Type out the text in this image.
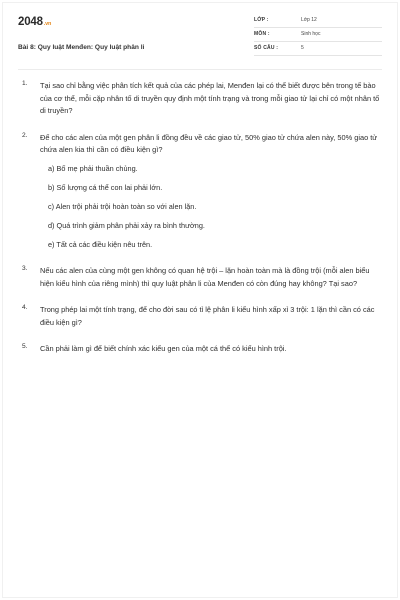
2048.vn
Bài 8: Quy luật Menđen: Quy luật phân li
LỚP :	Lớp 12
MÔN :	Sinh học
SỐ CÂU :	5
1. Tại sao chỉ bằng việc phân tích kết quả của các phép lai, Menđen lại có thể biết được bên trong tế bào của cơ thể, mỗi cặp nhân tố di truyền quy định một tính trạng và trong mỗi giao tử lại chỉ có một nhân tố di truyền?
2. Để cho các alen của một gen phân li đồng đều về các giao tử, 50% giao tử chứa alen này, 50% giao tử chứa alen kia thì cần có điều kiện gì?
a) Bố mẹ phải thuần chủng.
b) Số lượng cá thể con lai phải lớn.
c) Alen trội phải trội hoàn toàn so với alen lặn.
d) Quá trình giảm phân phải xảy ra bình thường.
e) Tất cả các điều kiện nêu trên.
3. Nếu các alen của cùng một gen không có quan hệ trội – lặn hoàn toàn mà là đồng trội (mỗi alen biểu hiện kiểu hình của riêng mình) thì quy luật phân li của Menđen có còn đúng hay không? Tại sao?
4. Trong phép lai một tính trạng, để cho đời sau có tỉ lệ phân li kiểu hình xấp xỉ 3 trội: 1 lặn thì cần có các điều kiện gì?
5. Cần phải làm gì để biết chính xác kiểu gen của một cá thể có kiểu hình trội.
